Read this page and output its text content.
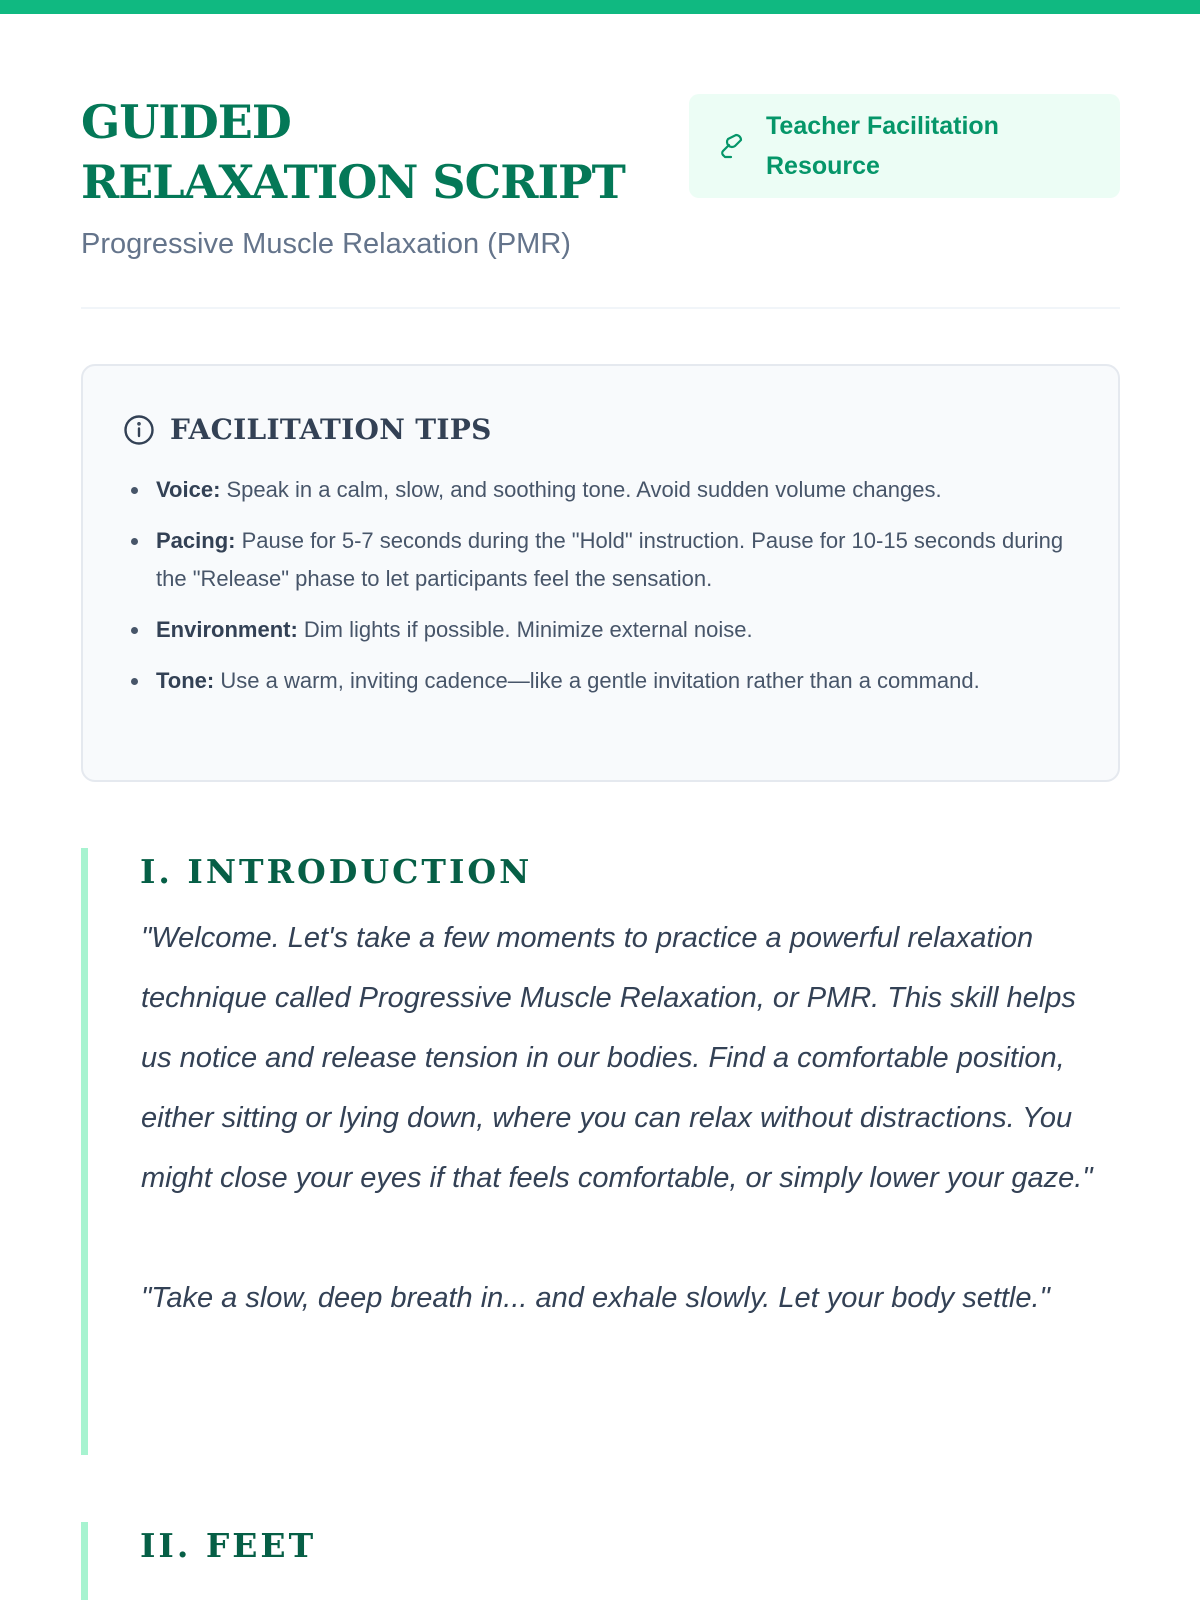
GUIDED RELAXATION SCRIPT

Progressive Muscle Relaxation (PMR)

Teacher Facilitation Resource
FACILITATION TIPS
Voice: Speak in a calm, slow, and soothing tone. Avoid sudden volume changes.
Pacing: Pause for 5-7 seconds during the "Hold" instruction. Pause for 10-15 seconds during the "Release" phase to let participants feel the sensation.
Environment: Dim lights if possible. Minimize external noise.
Tone: Use a warm, inviting cadence—like a gentle invitation rather than a command.
I. INTRODUCTION

"Welcome. Let's take a few moments to practice a powerful relaxation technique called Progressive Muscle Relaxation, or PMR. This skill helps us notice and release tension in our bodies. Find a comfortable position, either sitting or lying down, where you can relax without distractions. You might close your eyes if that feels comfortable, or simply lower your gaze."

"Take a slow, deep breath in... and exhale slowly. Let your body settle."

II. FEET
